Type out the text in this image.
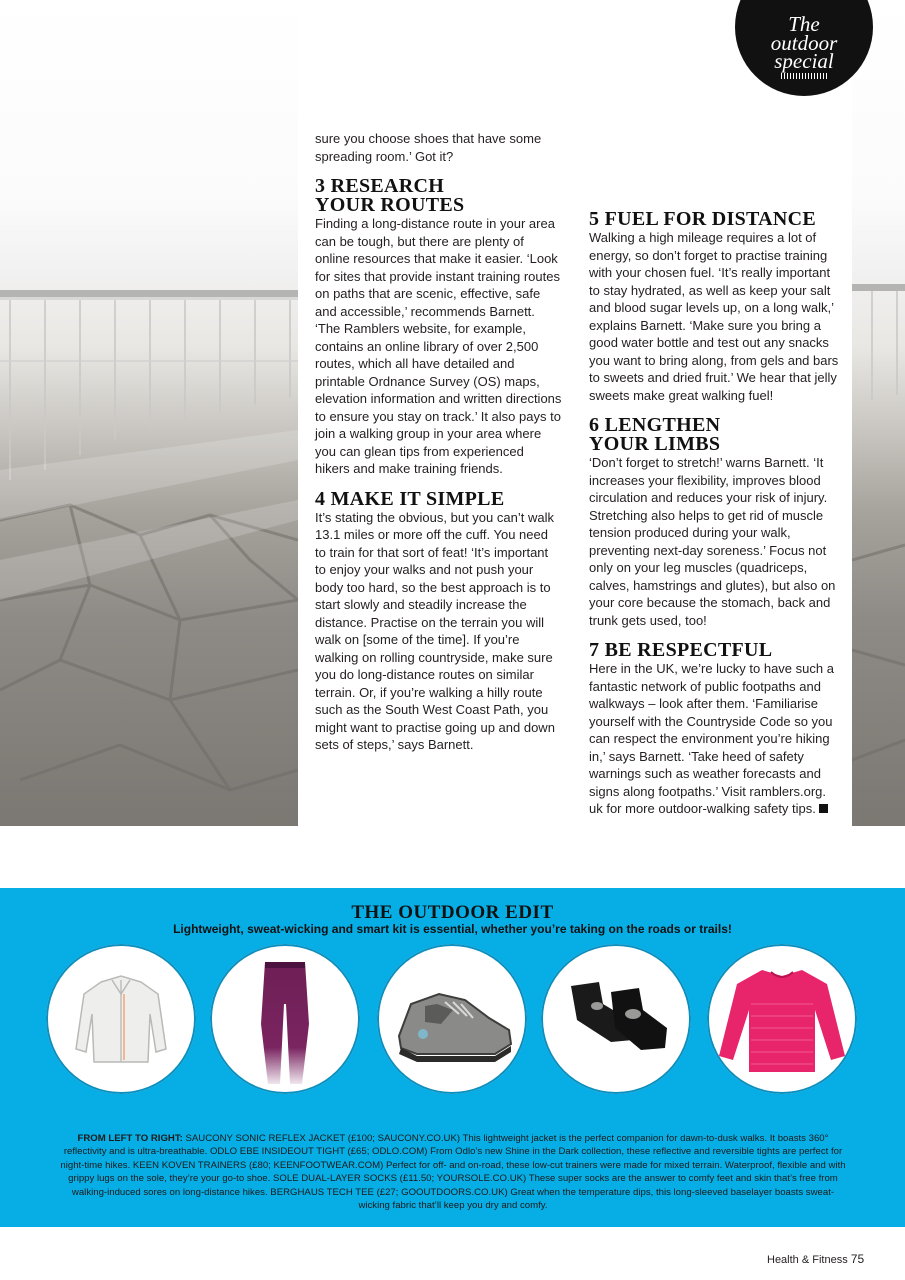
The
outdoor
special

sure you choose shoes that have some spreading room.’ Got it?

3 RESEARCH
YOUR ROUTES

Finding a long-distance route in your area can be tough, but there are plenty of online resources that make it easier. ‘Look for sites that provide instant training routes on paths that are scenic, effective, safe and accessible,’ recommends Barnett. ‘The Ramblers website, for example, contains an online library of over 2,500 routes, which all have detailed and printable Ordnance Survey (OS) maps, elevation information and written directions to ensure you stay on track.’ It also pays to join a walking group in your area where you can glean tips from experienced hikers and make training friends.

4 MAKE IT SIMPLE

It’s stating the obvious, but you can’t walk 13.1 miles or more off the cuff. You need to train for that sort of feat! ‘It’s important to enjoy your walks and not push your body too hard, so the best approach is to start slowly and steadily increase the distance. Practise on the terrain you will walk on [some of the time]. If you’re walking on rolling countryside, make sure you do long-distance routes on similar terrain. Or, if you’re walking a hilly route such as the South West Coast Path, you might want to practise going up and down sets of steps,’ says Barnett.

5 FUEL FOR DISTANCE

Walking a high mileage requires a lot of energy, so don’t forget to practise training with your chosen fuel. ‘It’s really important to stay hydrated, as well as keep your salt and blood sugar levels up, on a long walk,’ explains Barnett. ‘Make sure you bring a good water bottle and test out any snacks you want to bring along, from gels and bars to sweets and dried fruit.’ We hear that jelly sweets make great walking fuel!

6 LENGTHEN
YOUR LIMBS

‘Don’t forget to stretch!’ warns Barnett. ‘It increases your flexibility, improves blood circulation and reduces your risk of injury. Stretching also helps to get rid of muscle tension produced during your walk, preventing next-day soreness.’ Focus not only on your leg muscles (quadriceps, calves, hamstrings and glutes), but also on your core because the stomach, back and trunk gets used, too!

7 BE RESPECTFUL

Here in the UK, we’re lucky to have such a fantastic network of public footpaths and walkways – look after them. ‘Familiarise yourself with the Countryside Code so you can respect the environment you’re hiking in,’ says Barnett. ‘Take heed of safety warnings such as weather forecasts and signs along footpaths.’ Visit ramblers.org. uk for more outdoor-walking safety tips.

THE OUTDOOR EDIT
Lightweight, sweat-wicking and smart kit is essential, whether you’re taking on the roads or trails!
FROM LEFT TO RIGHT: SAUCONY SONIC REFLEX JACKET (£100; SAUCONY.CO.UK) This lightweight jacket is the perfect companion for dawn-to-dusk walks. It boasts 360° reflectivity and is ultra-breathable. ODLO EBE INSIDEOUT TIGHT (£65; ODLO.COM) From Odlo’s new Shine in the Dark collection, these reflective and reversible tights are perfect for night-time hikes. KEEN KOVEN TRAINERS (£80; KEENFOOTWEAR.COM) Perfect for off- and on-road, these low-cut trainers were made for mixed terrain. Waterproof, flexible and with grippy lugs on the sole, they’re your go-to shoe. SOLE DUAL-LAYER SOCKS (£11.50; YOURSOLE.CO.UK) These super socks are the answer to comfy feet and skin that’s free from walking-induced sores on long-distance hikes. BERGHAUS TECH TEE (£27; GOOUTDOORS.CO.UK) Great when the temperature dips, this long-sleeved baselayer boasts sweat-wicking fabric that’ll keep you dry and comfy.
Health & Fitness 75
